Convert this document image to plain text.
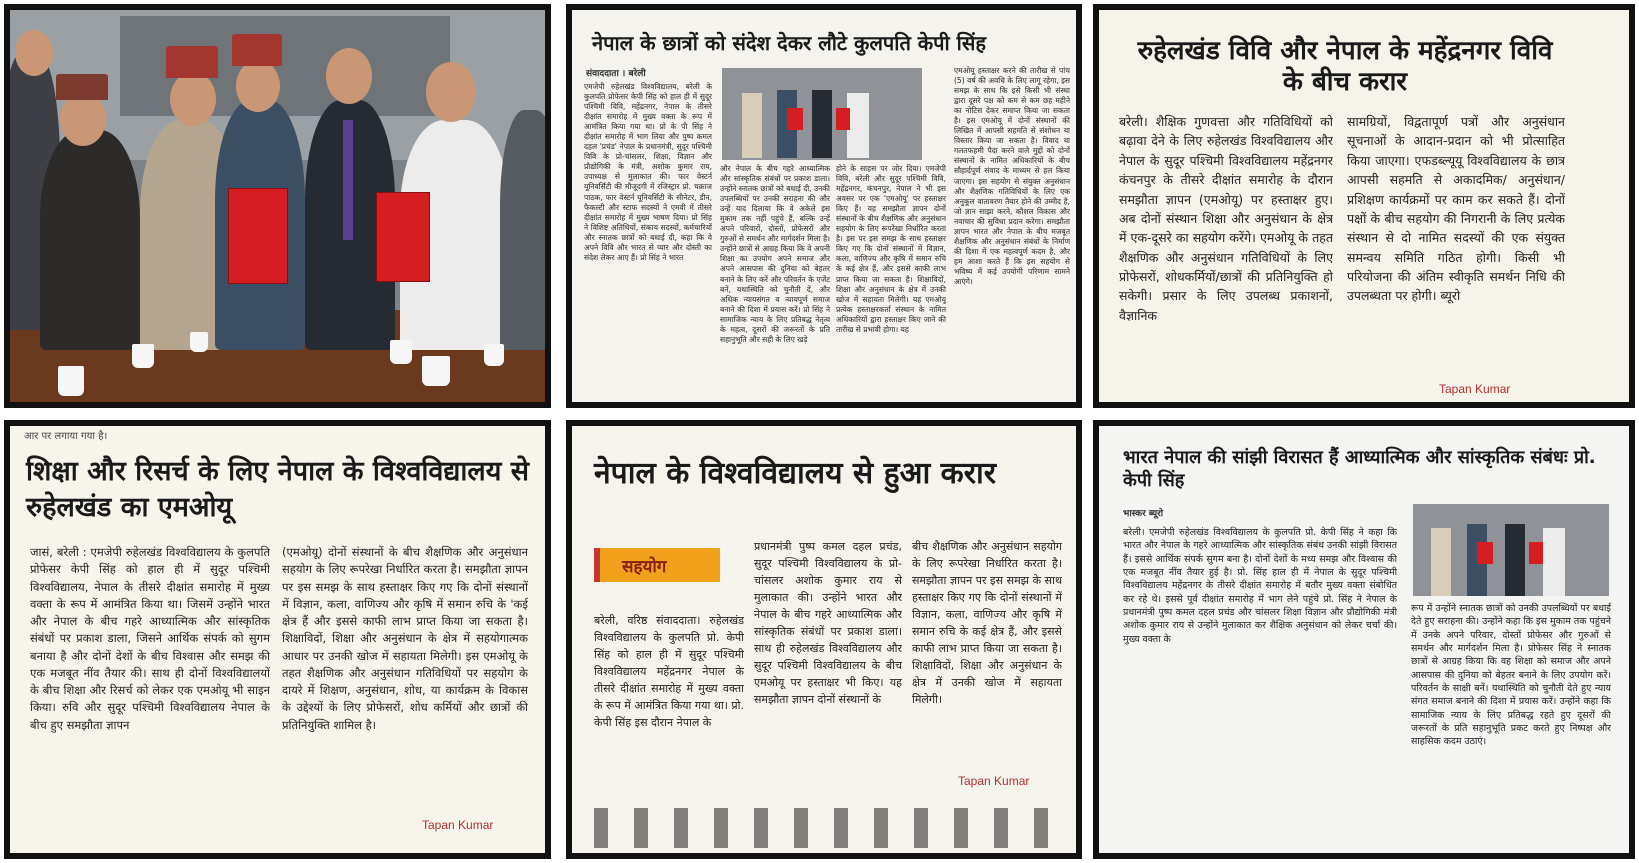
नेपाल के छात्रों को संदेश देकर लौटे कुलपति केपी सिंह
संवाददाता । बरेली
एमजेपी रुहेलखंड विश्वविद्यालय, बरेली के कुलपति प्रोफेसर केपी सिंह को हाल ही में सुदूर पश्चिमी विवि, महेंद्रनगर, नेपाल के तीसरे दीक्षांत समारोह में मुख्य वक्ता के रूप में आमंत्रित किया गया था। प्रो के पी सिंह ने दीक्षांत समारोह में भाग लिया और पुष्प कमल दहल 'प्रचंड' नेपाल के प्रधानमंत्री, सुदूर पश्चिमी विवि के प्रो-चांसलर, शिक्षा, विज्ञान और प्रौद्योगिकी के मंत्री, अशोक कुमार राय, उपाध्यक्ष से मुलाकात की। फार वेस्टर्न यूनिवर्सिटी की मौजूदगी में रजिस्ट्रार प्रो. चक्राज पाठक, फार वेस्टर्न यूनिवर्सिटी के सीनेटर, डीन, फैकल्टी और स्टाफ सदस्यों ने एमवी में तीसरे दीक्षांत समारोह में मुख्य भाषण दिया। प्रो सिंह ने विशिष्ट अतिथियों, संकाय सदस्यों, कर्मचारियों और स्नातक छात्रों को बधाई दी, कहा कि वे अपने विवि और भारत से प्यार और दोस्ती का संदेश लेकर आए हैं। प्रो सिंह ने भारत
और नेपाल के बीच गहरे आध्यात्मिक और सांस्कृतिक संबंधों पर प्रकाश डाला। उन्होंने स्नातक छात्रों को बधाई दी, उनकी उपलब्धियों पर उनकी सराहना की और उन्हें याद दिलाया कि वे अकेले इस मुकाम तक नहीं पहुंचे हैं, बल्कि उन्हें अपने परिवारों, दोस्तों, प्रोफेसरों और गुरुओं से समर्थन और मार्गदर्शन मिला है। उन्होंने छात्रों से आग्रह किया कि वे अपनी शिक्षा का उपयोग अपने समाज और अपने आसपास की दुनिया को बेहतर बनाने के लिए करें और परिवर्तन के एजेंट बनें, यथास्थिति को चुनौती दें, और अधिक न्यायसंगत व न्यायपूर्ण समाज बनाने की दिशा में प्रयास करें। प्रो सिंह ने सामाजिक न्याय के लिए प्रतिबद्ध नेतृत्व के महत्व, दूसरों की जरूरतों के प्रति सहानुभूति और सही के लिए खड़े
होने के साहस पर जोर दिया। एमजेपी विवि, बरेली और सुदूर पश्चिमी विवि, महेंद्रनगर, कंचनपुर, नेपाल ने भी इस अवसर पर एक 'एमओयू' पर हस्ताक्षर किए हैं। यह समझौता ज्ञापन दोनों संस्थानों के बीच शैक्षणिक और अनुसंधान सहयोग के लिए रूपरेखा निर्धारित करता है। इस पर इस समझ के साथ हस्ताक्षर किए गए कि दोनों संस्थानों में विज्ञान, कला, वाणिज्य और कृषि में समान रुचि के कई क्षेत्र हैं, और इससे काफी लाभ प्राप्त किया जा सकता है। शिक्षाविदों, शिक्षा और अनुसंधान के क्षेत्र में उनकी खोज में सहायता मिलेगी। यह एमओयू प्रत्येक हस्ताक्षरकर्ता संस्थान के नामित अधिकारियों द्वारा हस्ताक्षर किए जाने की तारीख से प्रभावी होगा। यह
एमओयू हस्ताक्षर करने की तारीख से पांच (5) वर्ष की अवधि के लिए लागू रहेगा, इस समझ के साथ कि इसे किसी भी संस्था द्वारा दूसरे पक्ष को कम से कम छह महीने का नोटिस देकर समाप्त किया जा सकता है। इस एमओयू में दोनों संस्थानों की लिखित में आपसी सहमति से संशोधन या विस्तार किया जा सकता है। विवाद या गलतफहमी पैदा करने वाले मुद्दों को दोनों संस्थानों के नामित अधिकारियों के बीच सौहार्दपूर्ण संवाद के माध्यम से हल किया जाएगा। इस सहयोग से संयुक्त अनुसंधान और शैक्षणिक गतिविधियों के लिए एक अनुकूल वातावरण तैयार होने की उम्मीद है, जो ज्ञान साझा करने, कौशल विकास और नवाचार की सुविधा प्रदान करेगा। समझौता ज्ञापन भारत और नेपाल के बीच मजबूत शैक्षणिक और अनुसंधान संबंधों के निर्माण की दिशा में एक महत्वपूर्ण कदम है, और हम आशा करते हैं कि इस सहयोग से भविष्य में कई उपयोगी परिणाम सामने आएंगे।
रुहेलखंड विवि और नेपाल के महेंद्रनगर विवि के बीच करार
बरेली। शैक्षिक गुणवत्ता और गतिविधियों को बढ़ावा देने के लिए रुहेलखंड विश्वविद्यालय और नेपाल के सुदूर पश्चिमी विश्वविद्यालय महेंद्रनगर कंचनपुर के तीसरे दीक्षांत समारोह के दौरान समझौता ज्ञापन (एमओयू) पर हस्ताक्षर हुए। अब दोनों संस्थान शिक्षा और अनुसंधान के क्षेत्र में एक-दूसरे का सहयोग करेंगे। एमओयू के तहत शैक्षणिक और अनुसंधान गतिविधियों के लिए प्रोफेसरों, शोधकर्मियों/छात्रों की प्रतिनियुक्ति हो सकेगी। प्रसार के लिए उपलब्ध प्रकाशनों, वैज्ञानिक
सामग्रियों, विद्वतापूर्ण पत्रों और अनुसंधान सूचनाओं के आदान-प्रदान को भी प्रोत्साहित किया जाएगा। एफडब्ल्यूयू विश्वविद्यालय के छात्र आपसी सहमति से अकादमिक/ अनुसंधान/ प्रशिक्षण कार्यक्रमों पर काम कर सकते हैं। दोनों पक्षों के बीच सहयोग की निगरानी के लिए प्रत्येक संस्थान से दो नामित सदस्यों की एक संयुक्त समन्वय समिति गठित होगी। किसी भी परियोजना की अंतिम स्वीकृति समर्थन निधि की उपलब्धता पर होगी। ब्यूरो
Tapan Kumar
आर पर लगाया गया है।
शिक्षा और रिसर्च के लिए नेपाल के विश्वविद्यालय से रुहेलखंड का एमओयू
जासं, बरेली : एमजेपी रुहेलखंड विश्वविद्यालय के कुलपति प्रोफेसर केपी सिंह को हाल ही में सुदूर पश्चिमी विश्वविद्यालय, नेपाल के तीसरे दीक्षांत समारोह में मुख्य वक्ता के रूप में आमंत्रित किया था। जिसमें उन्होंने भारत और नेपाल के बीच गहरे आध्यात्मिक और सांस्कृतिक संबंधों पर प्रकाश डाला, जिसने आर्थिक संपर्क को सुगम बनाया है और दोनों देशों के बीच विश्वास और समझ की एक मजबूत नींव तैयार की। साथ ही दोनों विश्वविद्यालयों के बीच शिक्षा और रिसर्च को लेकर एक एमओयू भी साइन किया। रुवि और सुदूर पश्चिमी विश्वविद्यालय नेपाल के बीच हुए समझौता ज्ञापन
(एमओयू) दोनों संस्थानों के बीच शैक्षणिक और अनुसंधान सहयोग के लिए रूपरेखा निर्धारित करता है। समझौता ज्ञापन पर इस समझ के साथ हस्ताक्षर किए गए कि दोनों संस्थानों में विज्ञान, कला, वाणिज्य और कृषि में समान रुचि के 'कई क्षेत्र हैं और इससे काफी लाभ प्राप्त किया जा सकता है। शिक्षाविदों, शिक्षा और अनुसंधान के क्षेत्र में सहयोगात्मक आधार पर उनकी खोज में सहायता मिलेगी। इस एमओयू के तहत शैक्षणिक और अनुसंधान गतिविधियों पर सहयोग के दायरे में शिक्षण, अनुसंधान, शोध, या कार्यक्रम के विकास के उद्देश्यों के लिए प्रोफेसरों, शोध कर्मियों और छात्रों की प्रतिनियुक्ति शामिल है।
Tapan Kumar
नेपाल के विश्वविद्यालय से हुआ करार
सहयोग
बरेली, वरिष्ठ संवाददाता। रुहेलखंड विश्वविद्यालय के कुलपति प्रो. केपी सिंह को हाल ही में सुदूर पश्चिमी विश्वविद्यालय महेंद्रनगर नेपाल के तीसरे दीक्षांत समारोह में मुख्य वक्ता के रूप में आमंत्रित किया गया था। प्रो. केपी सिंह इस दौरान नेपाल के
प्रधानमंत्री पुष्प कमल दहल प्रचंड, सुदूर पश्चिमी विश्वविद्यालय के प्रो-चांसलर अशोक कुमार राय से मुलाकात की। उन्होंने भारत और नेपाल के बीच गहरे आध्यात्मिक और सांस्कृतिक संबंधों पर प्रकाश डाला। साथ ही रुहेलखंड विश्वविद्यालय और सुदूर पश्चिमी विश्वविद्यालय के बीच एमओयू पर हस्ताक्षर भी किए। यह समझौता ज्ञापन दोनों संस्थानों के
बीच शैक्षणिक और अनुसंधान सहयोग के लिए रूपरेखा निर्धारित करता है। समझौता ज्ञापन पर इस समझ के साथ हस्ताक्षर किए गए कि दोनों संस्थानों में विज्ञान, कला, वाणिज्य और कृषि में समान रुचि के कई क्षेत्र हैं, और इससे काफी लाभ प्राप्त किया जा सकता है। शिक्षाविदों, शिक्षा और अनुसंधान के क्षेत्र में उनकी खोज में सहायता मिलेगी।
Tapan Kumar
भारत नेपाल की सांझी विरासत हैं आध्यात्मिक और सांस्कृतिक संबंधः प्रो. केपी सिंह
भास्कर ब्यूरो
बरेली। एमजेपी रुहेलखंड विश्वविद्यालय के कुलपति प्रो. केपी सिंह ने कहा कि भारत और नेपाल के गहरे आध्यात्मिक और सांस्कृतिक संबंध उनकी सांझी विरासत हैं। इससे आर्थिक संपर्क सुगम बना है। दोनों देशों के मध्य समझ और विश्वास की एक मजबूत नींव तैयार हुई है। प्रो. सिंह हाल ही में नेपाल के सुदूर पश्चिमी विश्वविद्यालय महेंद्रनगर के तीसरे दीक्षांत समारोह में बतौर मुख्य वक्ता संबोधित कर रहे थे। इससे पूर्व दीक्षांत समारोह में भाग लेने पहुंचे प्रो. सिंह ने नेपाल के प्रधानमंत्री पुष्प कमल दहल प्रचंड और चांसलर शिक्षा विज्ञान और प्रौद्योगिकी मंत्री अशोक कुमार राय से उन्होंने मुलाकात कर शैक्षिक अनुसंधान को लेकर चर्चा की। मुख्य वक्ता के
रूप में उन्होंने स्नातक छात्रों को उनकी उपलब्धियों पर बधाई देते हुए सराहना की। उन्होंने कहा कि इस मुकाम तक पहुंचने में उनके अपने परिवार, दोस्तों प्रोफेसर और गुरुओं से समर्थन और मार्गदर्शन मिला है। प्रोफेसर सिंह ने स्नातक छात्रों से आग्रह किया कि वह शिक्षा को समाज और अपने आसपास की दुनिया को बेहतर बनाने के लिए उपयोग करें। परिवर्तन के साक्षी बनें। यथास्थिति को चुनौती देते हुए न्याय संगत समाज बनाने की दिशा में प्रयास करें। उन्होंने कहा कि सामाजिक न्याय के लिए प्रतिबद्ध रहते हुए दूसरों की जरूरतों के प्रति सहानुभूति प्रकट करते हुए निष्पक्ष और साहसिक कदम उठाएं।
